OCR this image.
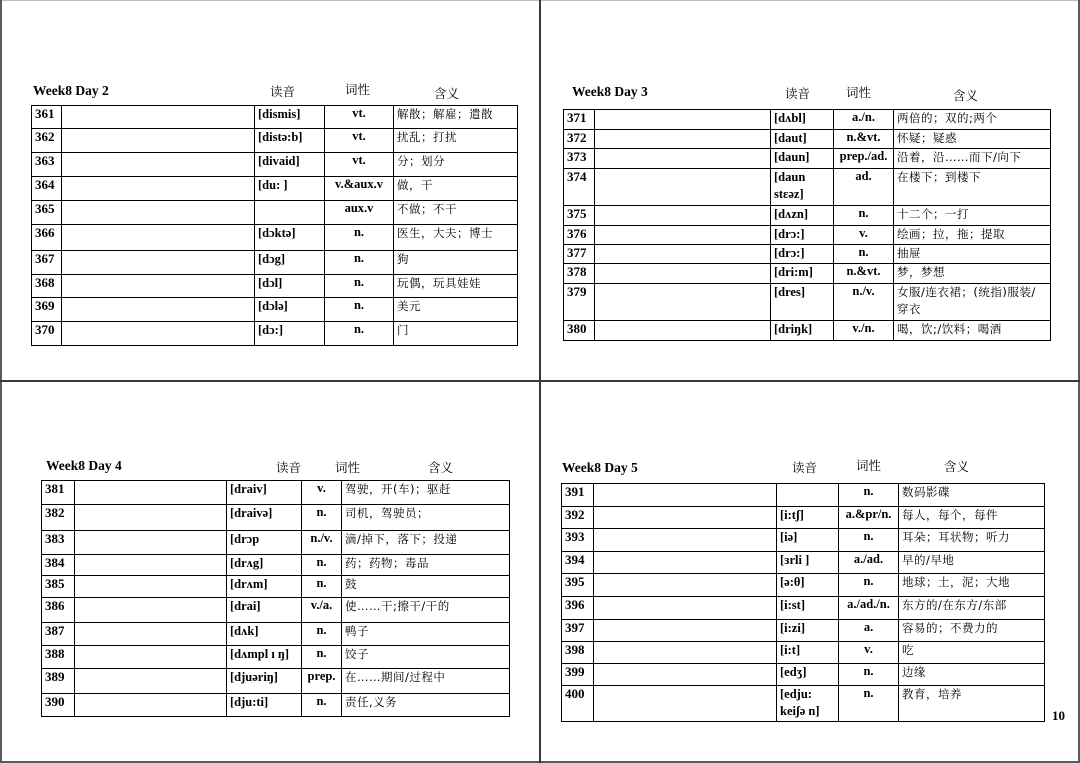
Week8 Day 2	读音	词性	含义
361		[dismis]	vt.	解散；解雇；遣散
362		[distə:b]	vt.	扰乱；打扰
363		[divaid]	vt.	分；划分
364		[du: ]	v.&aux.v	做，干
365			aux.v	不做；不干
366		[dɔktə]	n.	医生，大夫；博士
367		[dɔg]	n.	狗
368		[dɔl]	n.	玩偶，玩具娃娃
369		[dɔlə]	n.	美元
370		[dɔ:]	n.	门
Week8 Day 3	读音	词性	含义
371		[dʌbl]	a./n.	两倍的；双的;两个
372		[daut]	n.&vt.	怀疑；疑惑
373		[daun]	prep./ad.	沿着，沿……而下/向下
374		[daun stɛəz]	ad.	在楼下；到楼下
375		[dʌzn]	n.	十二个；一打
376		[drɔ:]	v.	绘画；拉，拖；提取
377		[drɔ:]	n.	抽屉
378		[dri:m]	n.&vt.	梦，梦想
379		[dres]	n./v.	女服/连衣裙；(统指)服装/穿衣
380		[driŋk]	v./n.	喝，饮;/饮料；喝酒
Week8 Day 4	读音	词性	含义
381		[draiv]	v.	驾驶，开(车)；驱赶
382		[draivə]	n.	司机，驾驶员；
383		[drɔp	n./v.	滴/掉下，落下；投递
384		[drʌg]	n.	药；药物；毒品
385		[drʌm]	n.	鼓
386		[drai]	v./a.	使……干;擦干/干的
387		[dʌk]	n.	鸭子
388		[dʌmpl ı ŋ]	n.	饺子
389		[djuəriŋ]	prep.	在……期间/过程中
390		[dju:ti]	n.	责任,义务
Week8 Day 5	读音	词性	含义
391			n.	数码影碟
392		[i:tʃ]	a.&pr/n.	每人，每个，每件
393		[iə]	n.	耳朵；耳状物；听力
394		[ɜrli ]	a./ad.	早的/早地
395		[ə:θ]	n.	地球；土，泥；大地
396		[i:st]	a./ad./n.	东方的/在东方/东部
397		[i:zi]	a.	容易的；不费力的
398		[i:t]	v.	吃
399		[edʒ]	n.	边缘
400		[edju: keiʃə n]	n.	教育，培养
10
